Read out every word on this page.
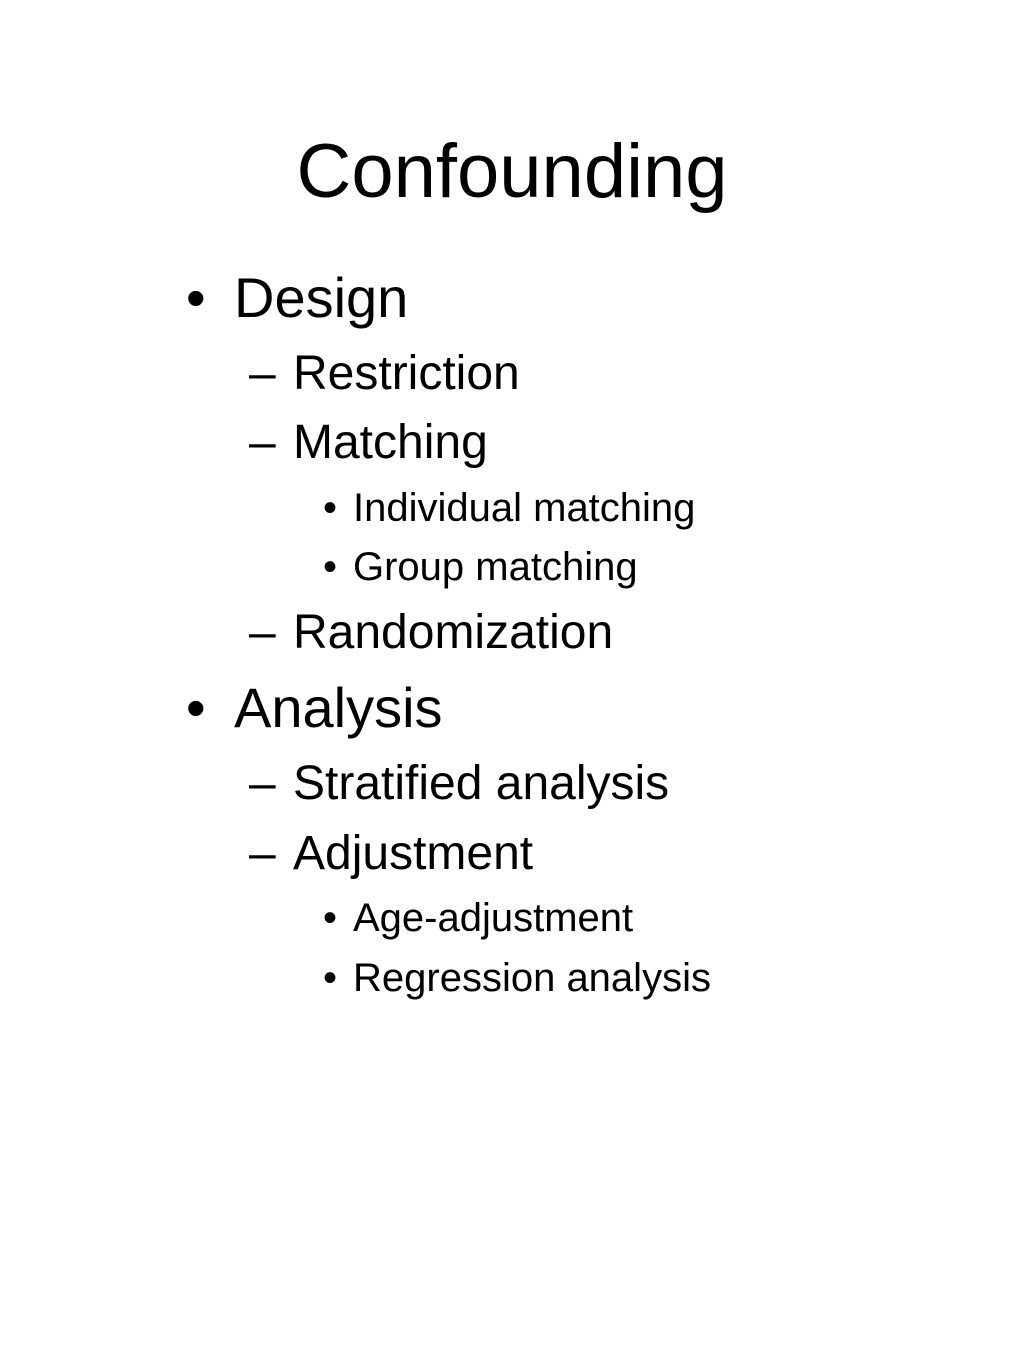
Confounding
• Design
– Restriction
– Matching
• Individual matching
• Group matching
– Randomization
• Analysis
– Stratified analysis
– Adjustment
• Age-adjustment
• Regression analysis
